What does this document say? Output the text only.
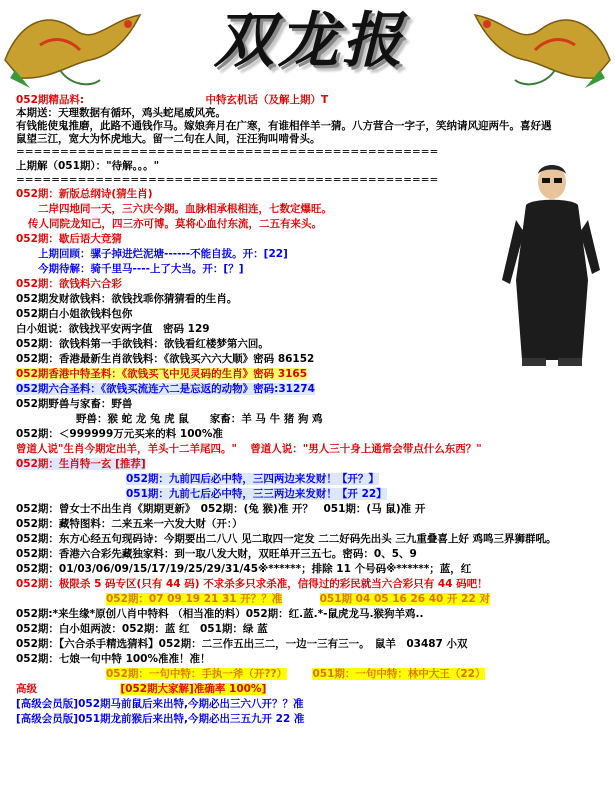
双龙报
052期精品料:	中特玄机话（及解上期）T
本期送：天理数据有循环，鸡头蛇尾威风亮。
有钱能使鬼推磨，此路不通钱作马。嫁娘奔月在广寒，有谁相伴羊一猜。八方营合一字子，笑纳请风迎两牛。喜好遇鼠望三江，宽大为怀虎地大。留一二句在人间，汪汪狗叫啃骨头。
================================================
上期解（051期）："待解。。。"
================================================
052期：新版总纲诗(猜生肖)
二岸四地同一天，三六庆今期。血脉相承根相连，七数定爆旺。
传人同院龙知己，四三亦可博。莫将心血付东流，二五有来头。
052期：歇后语大竞猜
上期回顾：骡子掉进烂泥塘------不能自拔。开：[22]
今期待解：骑千里马----上了大当。开：[？]
052期：欲钱料六合彩
052期发财欲钱料：欲钱找乖你猜猜看的生肖。
052期白小姐欲钱料包你
白小姐说：欲钱找平安两字值　密码 129
052期：欲钱料第一手欲钱料：欲钱看红楼梦第六回。
052期：香港最新生肖欲钱料：《欲钱买六六大顺》密码 86152
052期香港中特圣料：《欲钱买飞中见灵码的生肖》密码 3165
052期六合圣料：《欲钱买流连六二是忘返的动物》密码:31274
052期野兽与家畜：野兽
野兽：猴 蛇 龙 兔 虎 鼠　　家畜：羊 马 牛 猪 狗 鸡
052期：＜999999万元买来的料 100%准
曾道人说"生肖今期定出羊，羊头十二羊尾四。" 曾道人说："男人三十身上通常会带点什么东西？"
052期：生肖特一玄 [推荐]
052期：九前四后必中特，三四两边来发财！【开？】
051期：九前七后必中特，三三两边来发财！【开 22】
052期：曾女士不出生肖《期期更新》　052期：(兔 猴)准 开？　051期：(马 鼠)准 开
052期：藏特图料：二来五来一六发大财（开：）
052期：东方心经五句现码诗：今期要出二八八 见二取四一定发 二二好码先出头 三九重叠喜上好 鸡鸣三界狮群吼。
052期：香港六合彩先藏独家料：到一取八发大财，双旺单开三五七。密码：0、5、9
052期：01/03/06/09/15/17/19/25/29/31/45※******；排除 11 个号码※******；蓝，红
052期：极限杀 5 码专区(只有 44 码) 不求杀多只求杀准，信得过的彩民就当六合彩只有 44 码吧！
052期：07 09 19 21 31 开？？准	051期 04 05 16 26 40 开 22 对
052期:*来生缘*原创八肖中特料 （相当准的料）052期：红.蓝.*-鼠虎龙马.猴狗羊鸡..
052期：白小姐两波：052期：蓝 红　051期：绿 蓝
052期：【六合杀手精选猜料】052期：二三作五出三二，一边一三有三一。　鼠羊　03487 小双
052期：七娘一句中特 100%准准！准！
052期：一句中特：手执一斧（开??） 051期：一句中特：林中大王（22）
高级	[052期大家解]准确率 100%]
[高级会员版]052期马前鼠后来出特,今期必出三六八开？？准
[高级会员版]051期龙前猴后来出特,今期必出三五九开 22 准
